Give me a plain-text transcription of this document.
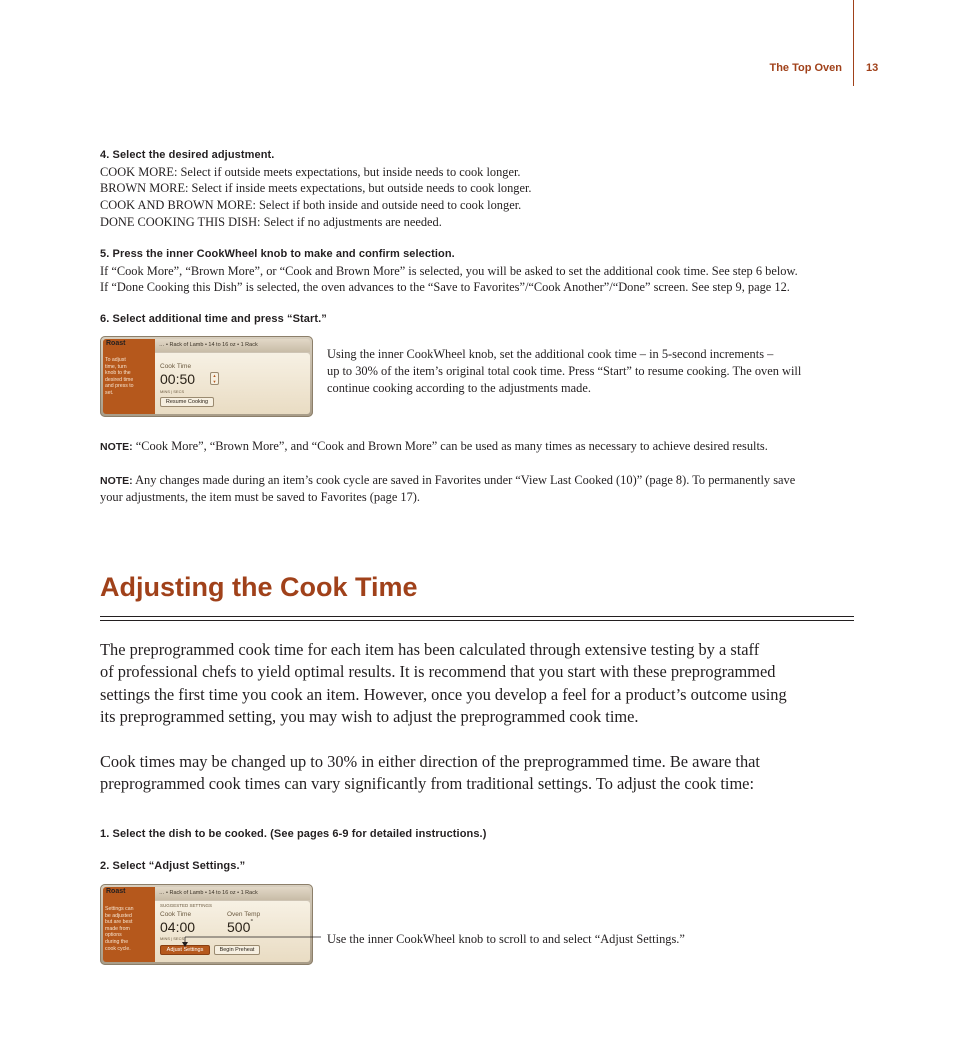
The Top Oven 13
4. Select the desired adjustment.
COOK MORE: Select if outside meets expectations, but inside needs to cook longer.
BROWN MORE: Select if inside meets expectations, but outside needs to cook longer.
COOK AND BROWN MORE: Select if both inside and outside need to cook longer.
DONE COOKING THIS DISH: Select if no adjustments are needed.
5. Press the inner CookWheel knob to make and confirm selection.
If “Cook More”, “Brown More”, or “Cook and Brown More” is selected, you will be asked to set the additional cook time. See step 6 below.
If “Done Cooking this Dish” is selected, the oven advances to the “Save to Favorites”/“Cook Another”/“Done” screen. See step 9, page 12.
6. Select additional time and press “Start.”
Roast
To adjust
time, turn
knob to the
desired time
and press to
set.
… • Rack of Lamb • 14 to 16 oz • 1 Rack
Cook Time
00:50	▲
▼
MINS | SECS
Resume Cooking
Using the inner CookWheel knob, set the additional cook time – in 5-second increments –
up to 30% of the item’s original total cook time. Press “Start” to resume cooking. The oven will
continue cooking according to the adjustments made.
NOTE: “Cook More”, “Brown More”, and “Cook and Brown More” can be used as many times as necessary to achieve desired results.
NOTE: Any changes made during an item’s cook cycle are saved in Favorites under “View Last Cooked (10)” (page 8). To permanently save
your adjustments, the item must be saved to Favorites (page 17).
Adjusting the Cook Time
The preprogrammed cook time for each item has been calculated through extensive testing by a staff
of professional chefs to yield optimal results. It is recommend that you start with these preprogrammed
settings the first time you cook an item. However, once you develop a feel for a product’s outcome using
its preprogrammed setting, you may wish to adjust the preprogrammed cook time.
Cook times may be changed up to 30% in either direction of the preprogrammed time. Be aware that
preprogrammed cook times can vary significantly from traditional settings. To adjust the cook time:
1. Select the dish to be cooked. (See pages 6-9 for detailed instructions.)
2. Select “Adjust Settings.”
Roast
Settings can
be adjusted
but are best
made from
options
during the
cook cycle.
… • Rack of Lamb • 14 to 16 oz • 1 Rack
SUGGESTED SETTINGS
Cook Time
04:00
MINS | SECS
Oven Temp
500°
Adjust Settings	Begin Preheat
Use the inner CookWheel knob to scroll to and select “Adjust Settings.”
